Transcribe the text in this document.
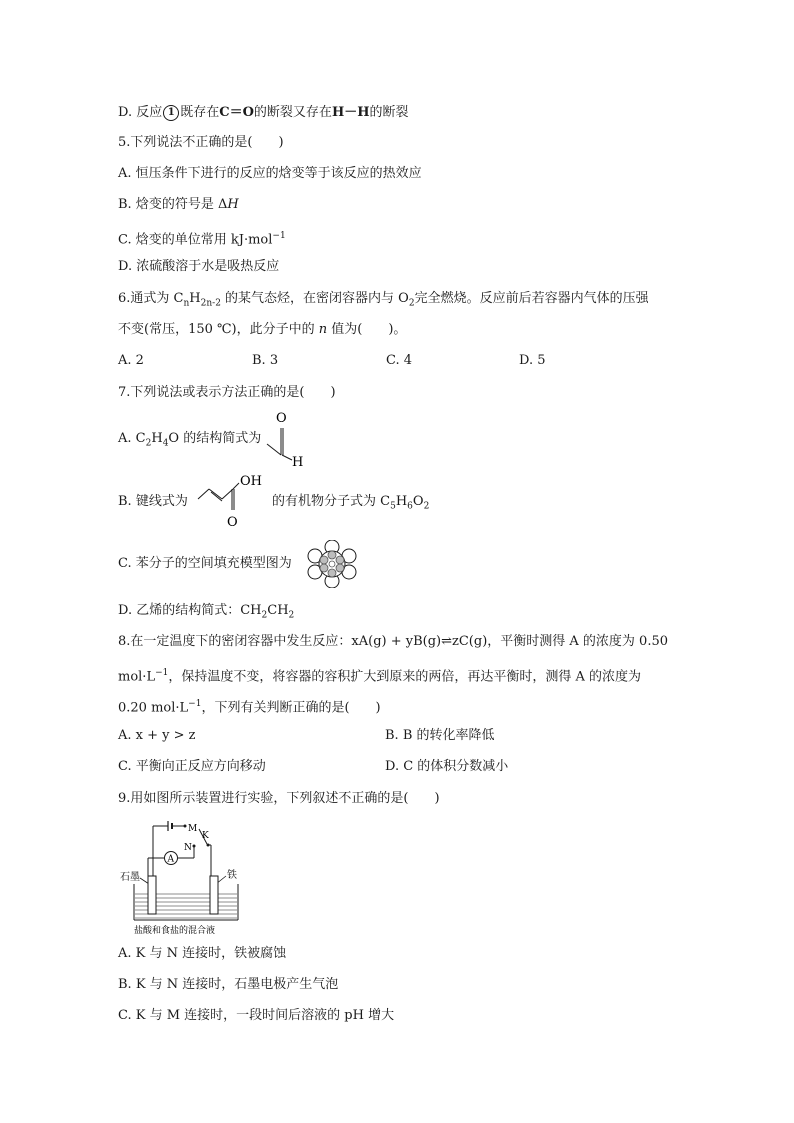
D. 反应 1 既存在C＝O的断裂又存在H－H的断裂
5.下列说法不正确的是(　　)
A. 恒压条件下进行的反应的焓变等于该反应的热效应
B. 焓变的符号是 ΔH
C. 焓变的单位常用 kJ·mol$^{-1}$
D. 浓硫酸溶于水是吸热反应
6.通式为 $C_nH_{2n-2}$ 的某气态烃，在密闭容器内与 $O_2$完全燃烧。反应前后若容器内气体的压强
不变(常压，150 ℃)，此分子中的 n 值为(　　)。
A. 2	B. 3	C. 4	D. 5
7.下列说法或表示方法正确的是(　　)
A. $C_2H_4O$ 的结构简式为
O
H
B. 键线式为
OH
O
的有机物分子式为 $C_5H_6O_2$
C. 苯分子的空间填充模型图为
D. 乙烯的结构简式：$CH_2CH_2$
8.在一定温度下的密闭容器中发生反应：xA(g) + yB(g)⇌zC(g)，平衡时测得 A 的浓度为 0.50
$mol\cdot L^{-1}$，保持温度不变，将容器的容积扩大到原来的两倍，再达平衡时，测得 A 的浓度为
0.20 $mol\cdot L^{-1}$，下列有关判断正确的是(　　)
A. x + y > z	B. B 的转化率降低
C. 平衡向正反应方向移动	D. C 的体积分数减小
9.用如图所示装置进行实验，下列叙述不正确的是(　　)
M
K
N
A
石墨	铁
盐酸和食盐的混合液
A. K 与 N 连接时，铁被腐蚀
B. K 与 N 连接时，石墨电极产生气泡
C. K 与 M 连接时，一段时间后溶液的 pH 增大
